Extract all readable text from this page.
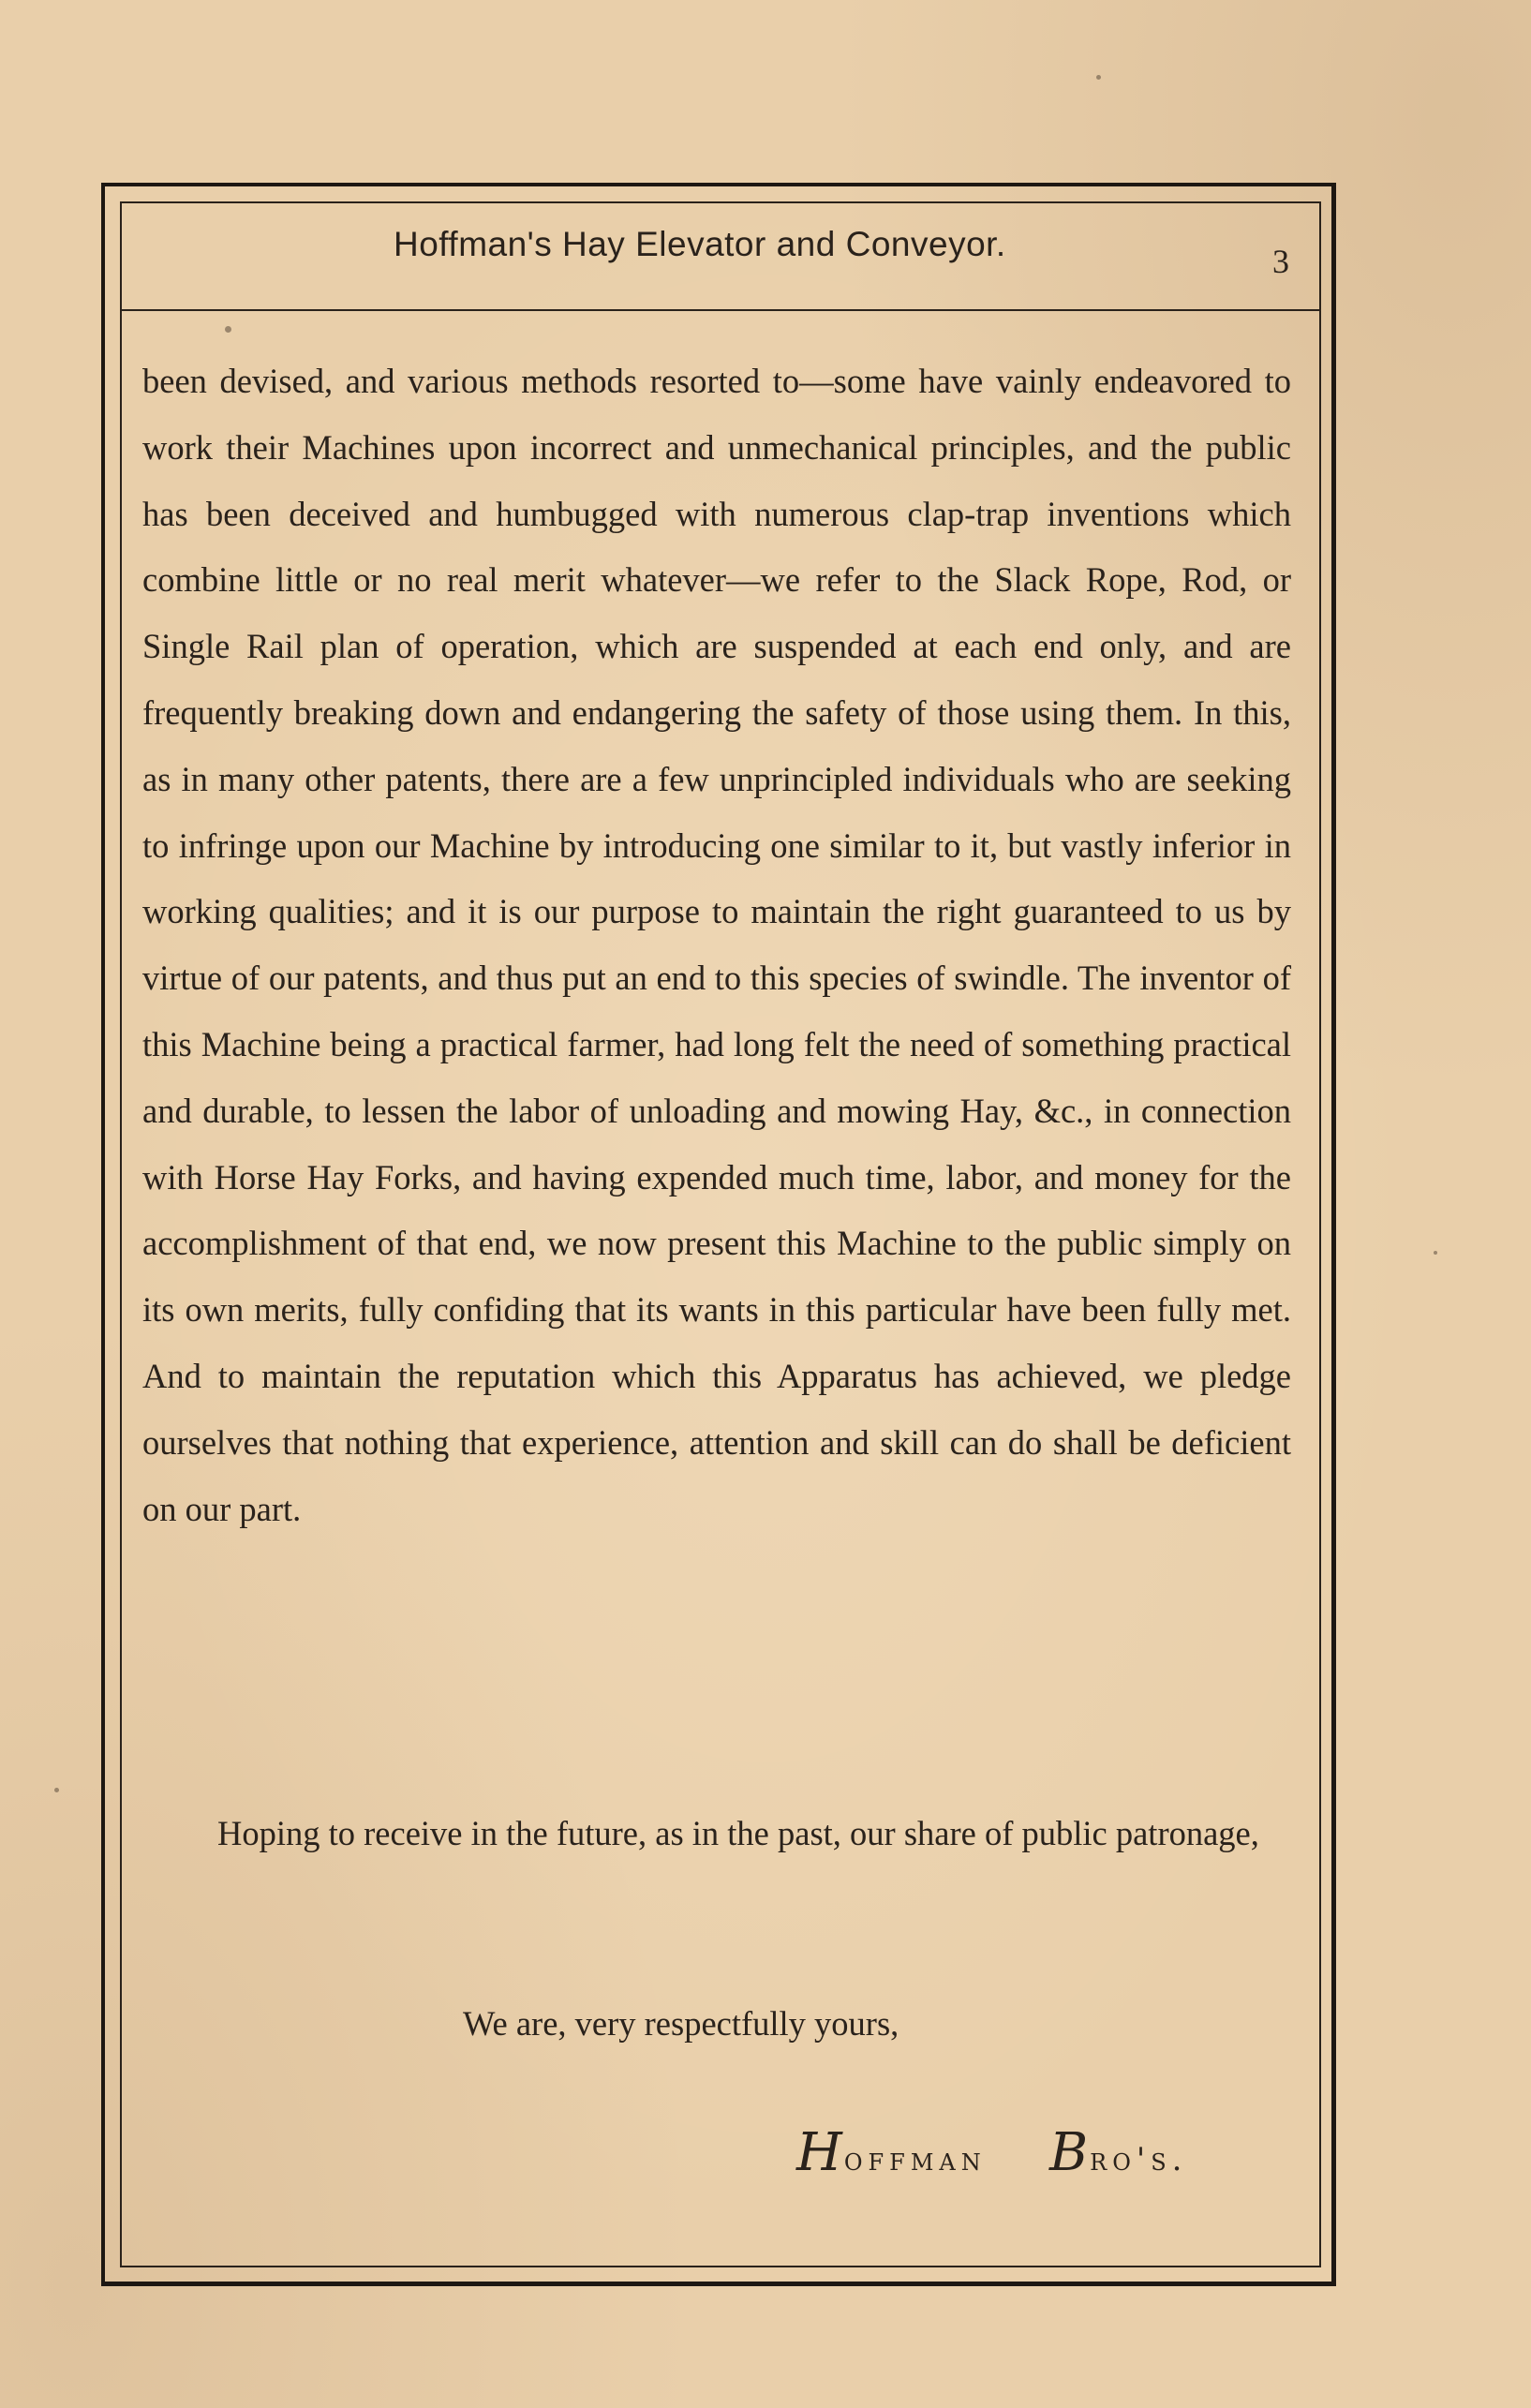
Hoffman's Hay Elevator and Conveyor.	3

been devised, and various methods resorted to—some have vainly endeavored to work their Machines upon incorrect and unmechanical principles, and the public has been deceived and humbugged with numerous clap-trap inventions which combine little or no real merit whatever—we refer to the Slack Rope, Rod, or Single Rail plan of operation, which are suspended at each end only, and are frequently breaking down and endangering the safety of those using them. In this, as in many other patents, there are a few unprincipled individuals who are seeking to infringe upon our Machine by introducing one similar to it, but vastly inferior in working qualities; and it is our purpose to maintain the right guaranteed to us by virtue of our patents, and thus put an end to this species of swindle. The inventor of this Machine being a practical farmer, had long felt the need of something practical and durable, to lessen the labor of unloading and mowing Hay, &c., in connection with Horse Hay Forks, and having expended much time, labor, and money for the accomplishment of that end, we now present this Machine to the public simply on its own merits, fully confiding that its wants in this particular have been fully met. And to maintain the reputation which this Apparatus has achieved, we pledge ourselves that nothing that experience, attention and skill can do shall be deficient on our part.

Hoping to receive in the future, as in the past, our share of public patronage,

We are, very respectfully yours,
Hoffman Bro's.
